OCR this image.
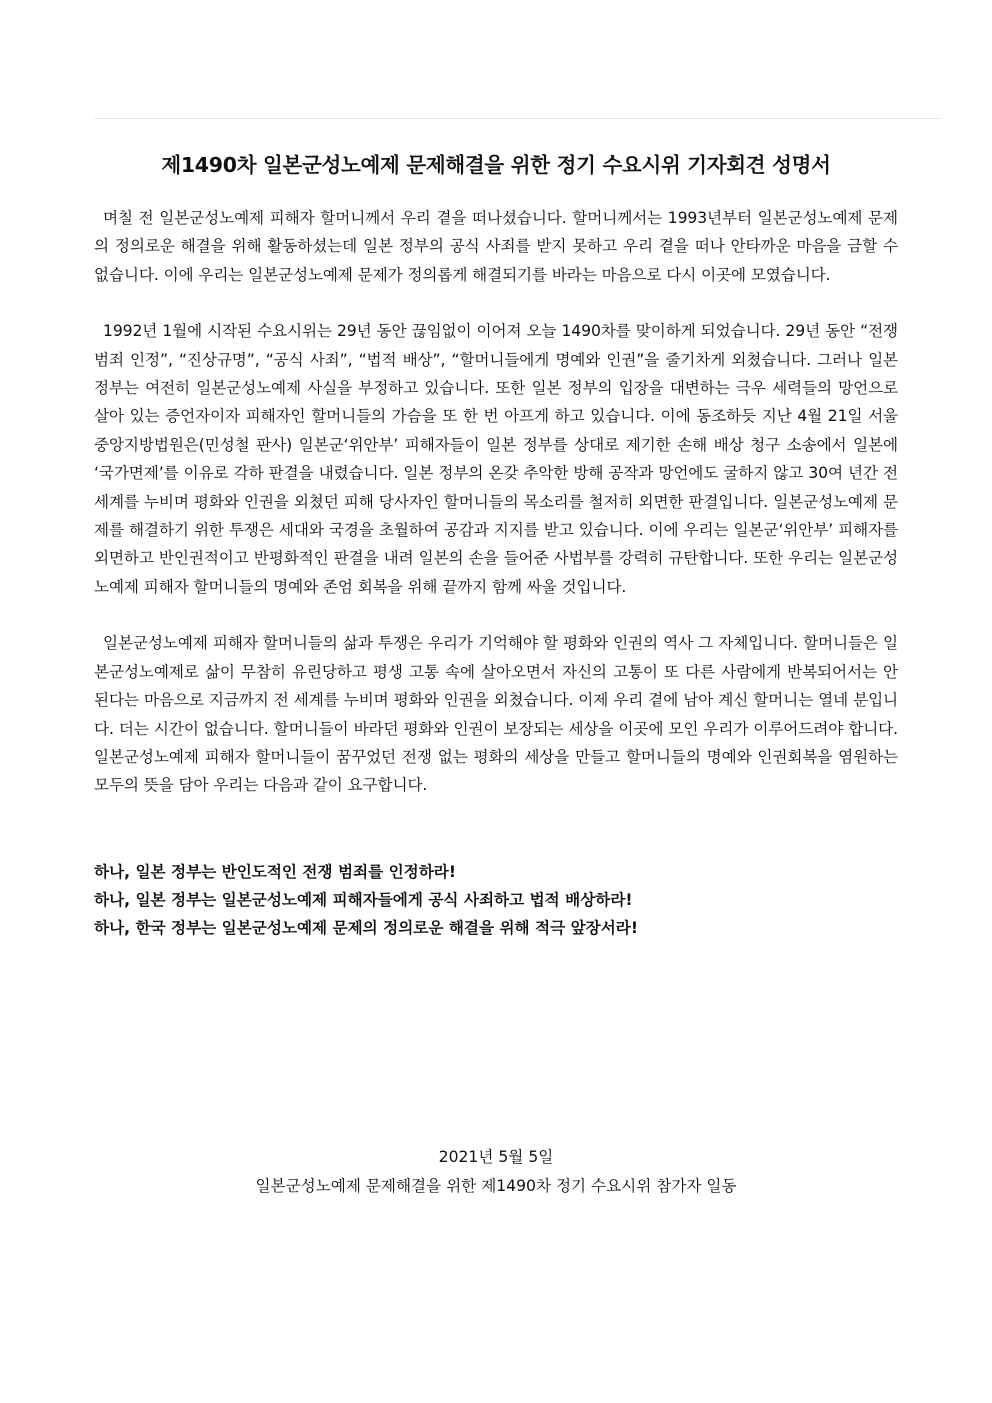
제1490차 일본군성노예제 문제해결을 위한 정기 수요시위 기자회견 성명서

며칠 전 일본군성노예제 피해자 할머니께서 우리 곁을 떠나셨습니다. 할머니께서는 1993년부터 일본군성노예제 문제의 정의로운 해결을 위해 활동하셨는데 일본 정부의 공식 사죄를 받지 못하고 우리 곁을 떠나 안타까운 마음을 금할 수 없습니다. 이에 우리는 일본군성노예제 문제가 정의롭게 해결되기를 바라는 마음으로 다시 이곳에 모였습니다.

1992년 1월에 시작된 수요시위는 29년 동안 끊임없이 이어져 오늘 1490차를 맞이하게 되었습니다. 29년 동안 “전쟁범죄 인정”, “진상규명”, “공식 사죄”, “법적 배상”, “할머니들에게 명예와 인권”을 줄기차게 외쳤습니다. 그러나 일본 정부는 여전히 일본군성노예제 사실을 부정하고 있습니다. 또한 일본 정부의 입장을 대변하는 극우 세력들의 망언으로 살아 있는 증언자이자 피해자인 할머니들의 가슴을 또 한 번 아프게 하고 있습니다. 이에 동조하듯 지난 4월 21일 서울중앙지방법원은(민성철 판사) 일본군‘위안부’ 피해자들이 일본 정부를 상대로 제기한 손해 배상 청구 소송에서 일본에 ‘국가면제’를 이유로 각하 판결을 내렸습니다. 일본 정부의 온갖 추악한 방해 공작과 망언에도 굴하지 않고 30여 년간 전 세계를 누비며 평화와 인권을 외쳤던 피해 당사자인 할머니들의 목소리를 철저히 외면한 판결입니다. 일본군성노예제 문제를 해결하기 위한 투쟁은 세대와 국경을 초월하여 공감과 지지를 받고 있습니다. 이에 우리는 일본군‘위안부’ 피해자를 외면하고 반인권적이고 반평화적인 판결을 내려 일본의 손을 들어준 사법부를 강력히 규탄합니다. 또한 우리는 일본군성노예제 피해자 할머니들의 명예와 존엄 회복을 위해 끝까지 함께 싸울 것입니다.

일본군성노예제 피해자 할머니들의 삶과 투쟁은 우리가 기억해야 할 평화와 인권의 역사 그 자체입니다. 할머니들은 일본군성노예제로 삶이 무참히 유린당하고 평생 고통 속에 살아오면서 자신의 고통이 또 다른 사람에게 반복되어서는 안 된다는 마음으로 지금까지 전 세계를 누비며 평화와 인권을 외쳤습니다. 이제 우리 곁에 남아 계신 할머니는 열네 분입니다. 더는 시간이 없습니다. 할머니들이 바라던 평화와 인권이 보장되는 세상을 이곳에 모인 우리가 이루어드려야 합니다. 일본군성노예제 피해자 할머니들이 꿈꾸었던 전쟁 없는 평화의 세상을 만들고 할머니들의 명예와 인권회복을 염원하는 모두의 뜻을 담아 우리는 다음과 같이 요구합니다.

하나, 일본 정부는 반인도적인 전쟁 범죄를 인정하라!

하나, 일본 정부는 일본군성노예제 피해자들에게 공식 사죄하고 법적 배상하라!

하나, 한국 정부는 일본군성노예제 문제의 정의로운 해결을 위해 적극 앞장서라!

2021년 5월 5일

일본군성노예제 문제해결을 위한 제1490차 정기 수요시위 참가자 일동
